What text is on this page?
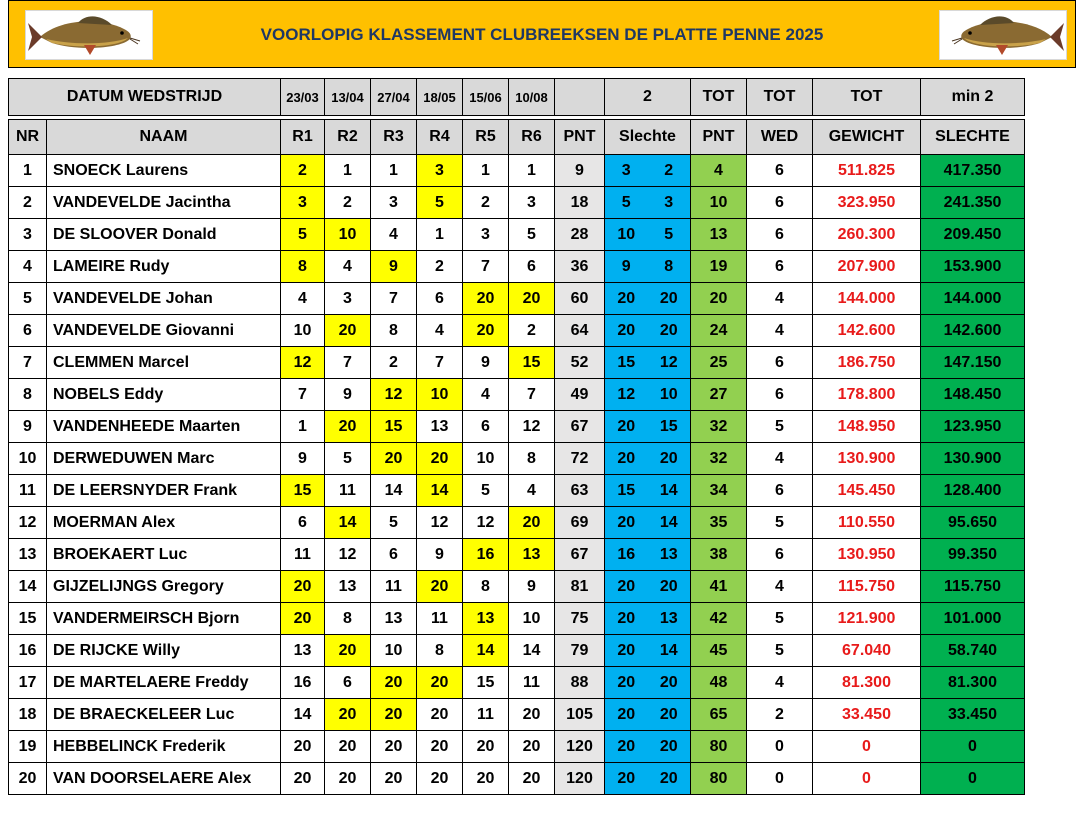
VOORLOPIG KLASSEMENT CLUBREEKSEN DE PLATTE PENNE 2025
DATUM WEDSTRIJD		23/03	13/04	27/04	18/05	15/06	10/08		2		TOT	TOT	TOT	min 2

NR	NAAM	R1	R2	R3	R4	R5	R6	PNT	Slechte		PNT	WED	GEWICHT	SLECHTE
1	SNOECK Laurens	2	1	1	3	1	1	9	3	2	4	6	511.825	417.350
2	VANDEVELDE Jacintha	3	2	3	5	2	3	18	5	3	10	6	323.950	241.350
3	DE SLOOVER Donald	5	10	4	1	3	5	28	10	5	13	6	260.300	209.450
4	LAMEIRE Rudy	8	4	9	2	7	6	36	9	8	19	6	207.900	153.900
5	VANDEVELDE Johan	4	3	7	6	20	20	60	20	20	20	4	144.000	144.000
6	VANDEVELDE Giovanni	10	20	8	4	20	2	64	20	20	24	4	142.600	142.600
7	CLEMMEN Marcel	12	7	2	7	9	15	52	15	12	25	6	186.750	147.150
8	NOBELS Eddy	7	9	12	10	4	7	49	12	10	27	6	178.800	148.450
9	VANDENHEEDE Maarten	1	20	15	13	6	12	67	20	15	32	5	148.950	123.950
10	DERWEDUWEN Marc	9	5	20	20	10	8	72	20	20	32	4	130.900	130.900
11	DE LEERSNYDER Frank	15	11	14	14	5	4	63	15	14	34	6	145.450	128.400
12	MOERMAN Alex	6	14	5	12	12	20	69	20	14	35	5	110.550	95.650
13	BROEKAERT Luc	11	12	6	9	16	13	67	16	13	38	6	130.950	99.350
14	GIJZELIJNGS Gregory	20	13	11	20	8	9	81	20	20	41	4	115.750	115.750
15	VANDERMEIRSCH Bjorn	20	8	13	11	13	10	75	20	13	42	5	121.900	101.000
16	DE RIJCKE Willy	13	20	10	8	14	14	79	20	14	45	5	67.040	58.740
17	DE MARTELAERE Freddy	16	6	20	20	15	11	88	20	20	48	4	81.300	81.300
18	DE BRAECKELEER Luc	14	20	20	20	11	20	105	20	20	65	2	33.450	33.450
19	HEBBELINCK Frederik	20	20	20	20	20	20	120	20	20	80	0	0	0
20	VAN DOORSELAERE Alex	20	20	20	20	20	20	120	20	20	80	0	0	0
